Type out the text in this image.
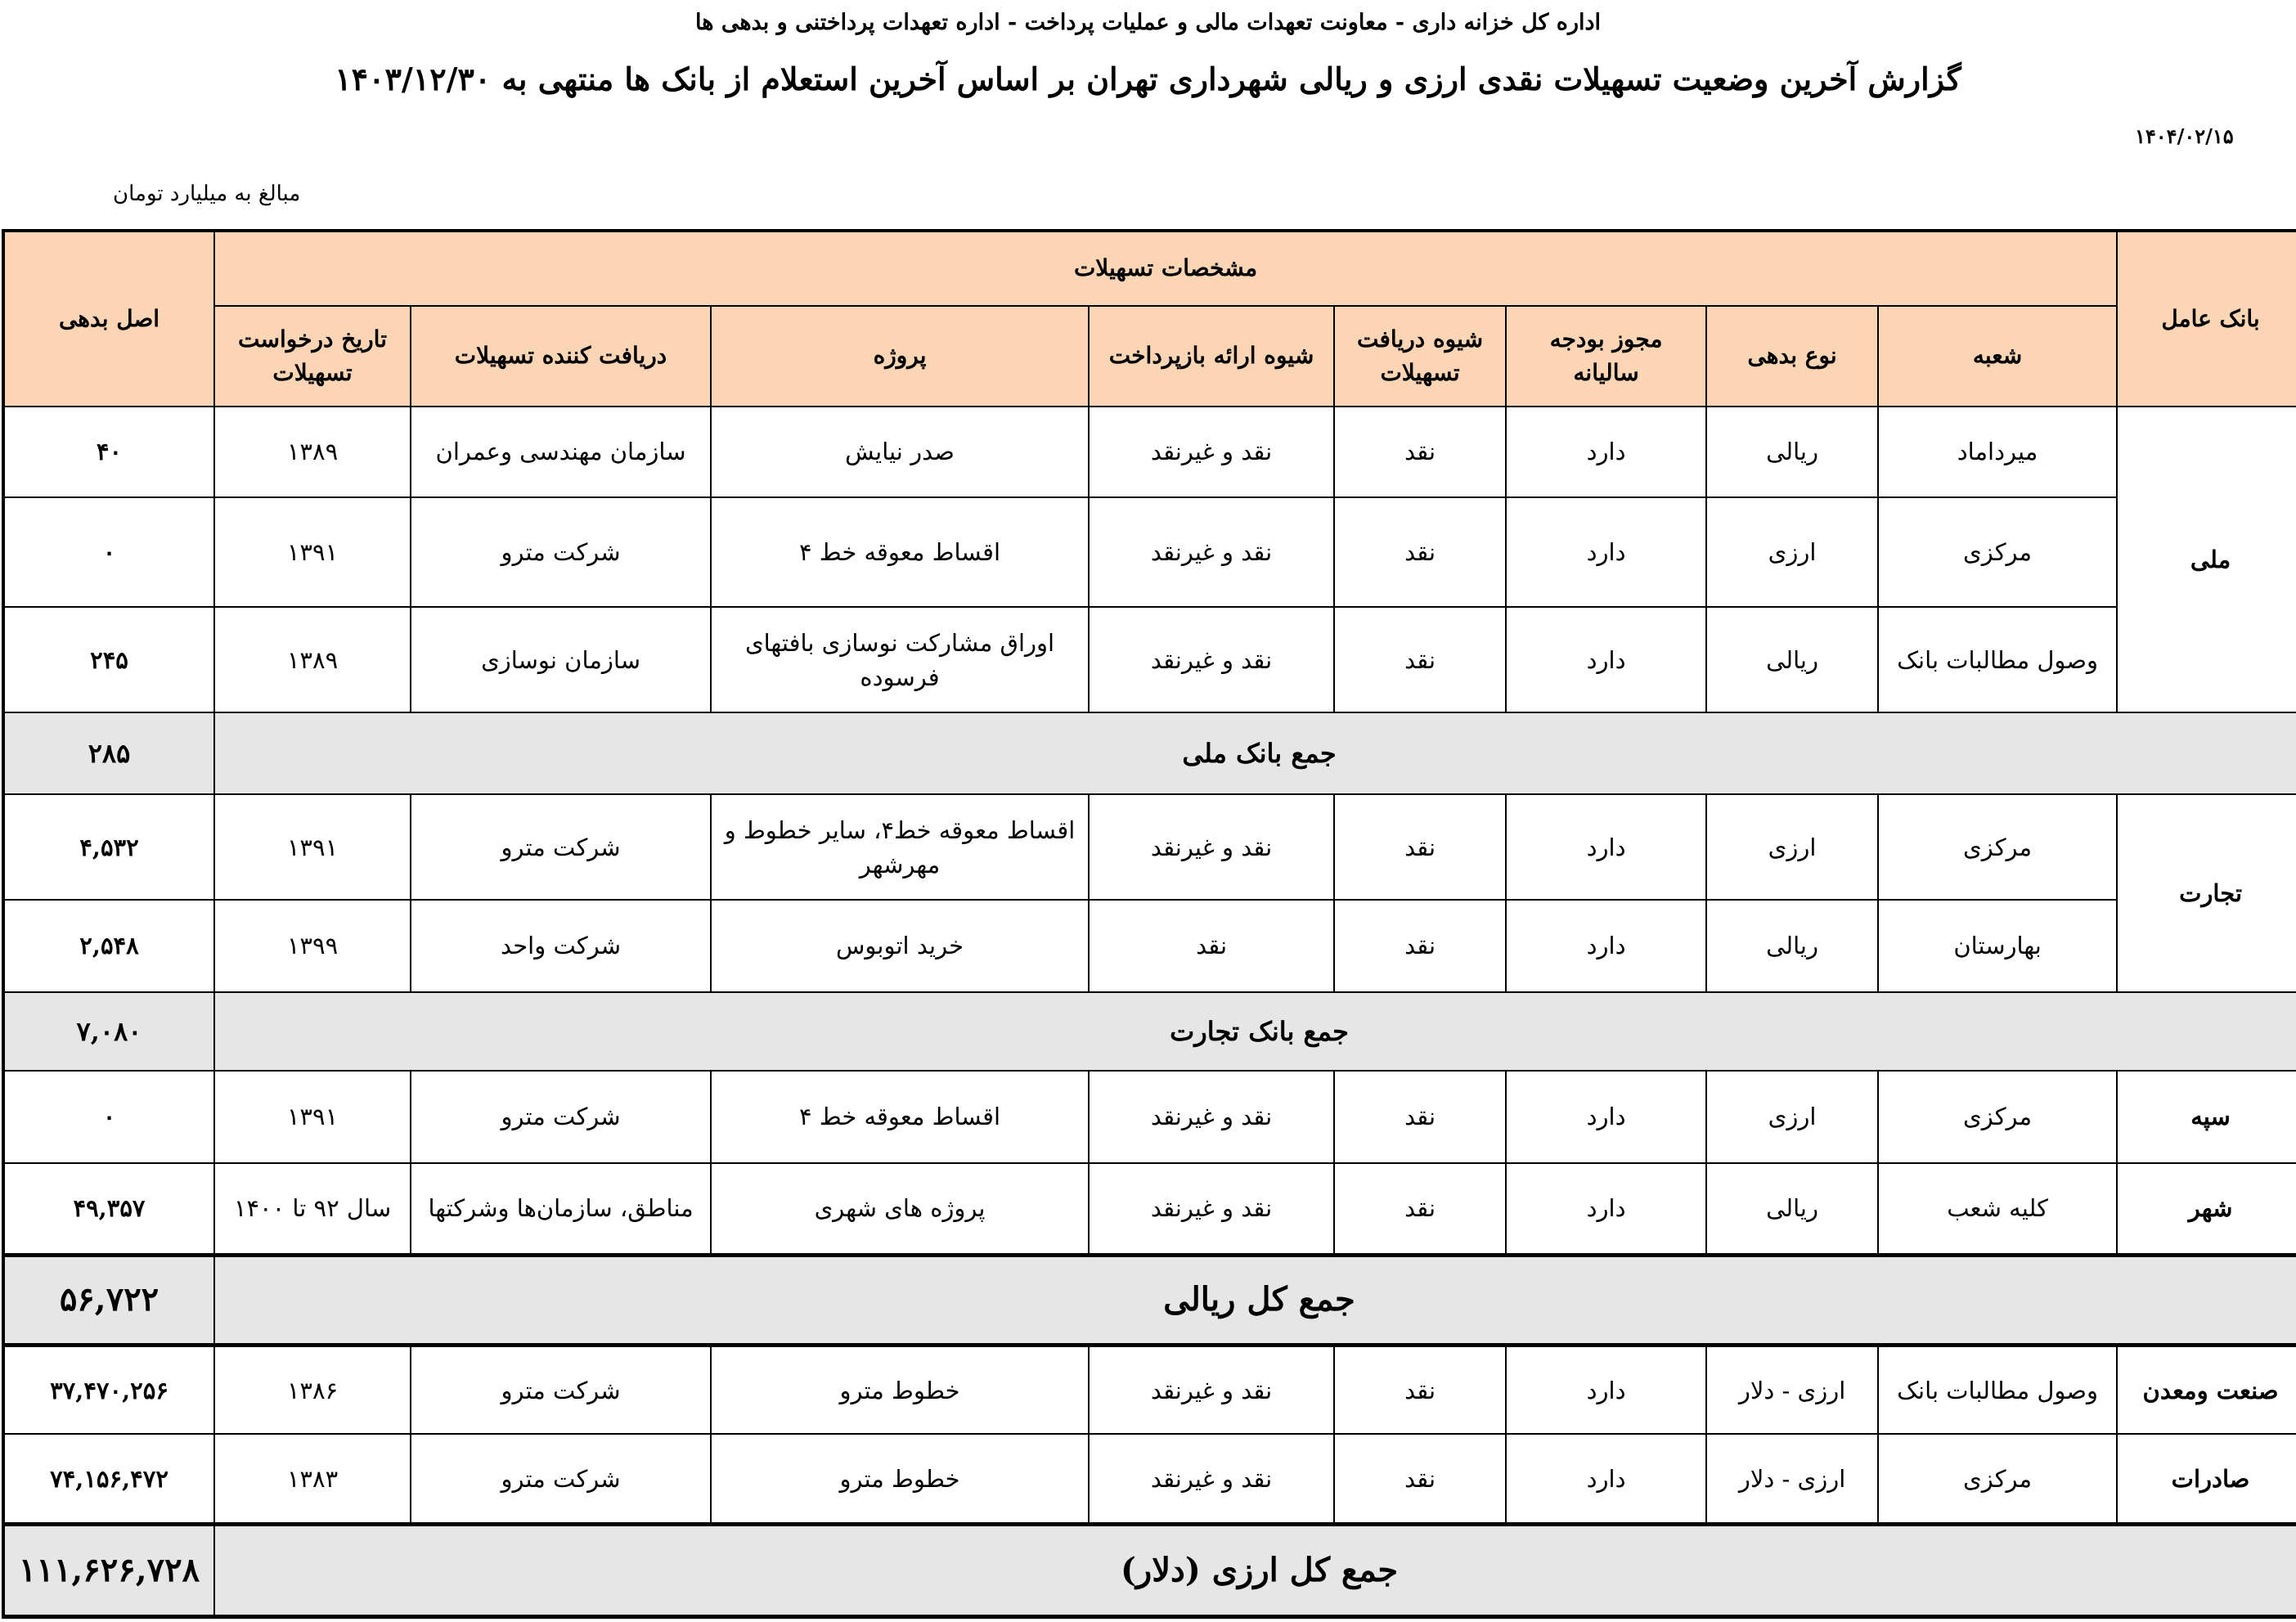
اداره کل خزانه داری - معاونت تعهدات مالی و عملیات پرداخت - اداره تعهدات پرداختنی و بدهی ها
گزارش آخرین وضعیت تسهیلات نقدی ارزی و ریالی شهرداری تهران بر اساس آخرین استعلام از بانک ها منتهی به ۱۴۰۳/۱۲/۳۰
۱۴۰۴/۰۲/۱۵
مبالغ به میلیارد تومان
بانک عامل	مشخصات تسهیلات								اصل بدهی
	شعبه	نوع بدهی	مجوز بودجه سالیانه	شیوه دریافت تسهیلات	شیوه ارائه بازپرداخت	پروژه	دریافت کننده تسهیلات	تاریخ درخواست تسهیلات	
ملی	میرداماد	ریالی	دارد	نقد	نقد و غیرنقد	صدر نیایش	سازمان مهندسی وعمران	۱۳۸۹	۴۰
	مرکزی	ارزی	دارد	نقد	نقد و غیرنقد	اقساط معوقه خط ۴	شرکت مترو	۱۳۹۱	۰
	وصول مطالبات بانک	ریالی	دارد	نقد	نقد و غیرنقد	اوراق مشارکت نوسازی بافتهای فرسوده	سازمان نوسازی	۱۳۸۹	۲۴۵
جمع بانک ملی									۲۸۵
تجارت	مرکزی	ارزی	دارد	نقد	نقد و غیرنقد	اقساط معوقه خط۴، سایر خطوط و مهرشهر	شرکت مترو	۱۳۹۱	۴,۵۳۲
	بهارستان	ریالی	دارد	نقد	نقد	خرید اتوبوس	شرکت واحد	۱۳۹۹	۲,۵۴۸
جمع بانک تجارت									۷,۰۸۰
سپه	مرکزی	ارزی	دارد	نقد	نقد و غیرنقد	اقساط معوقه خط ۴	شرکت مترو	۱۳۹۱	۰
شهر	کلیه شعب	ریالی	دارد	نقد	نقد و غیرنقد	پروژه های شهری	مناطق، سازمان‌ها وشرکتها	سال ۹۲ تا ۱۴۰۰	۴۹,۳۵۷
جمع کل ریالی									۵۶,۷۲۲
صنعت ومعدن	وصول مطالبات بانک	ارزی - دلار	دارد	نقد	نقد و غیرنقد	خطوط مترو	شرکت مترو	۱۳۸۶	۳۷,۴۷۰,۲۵۶
صادرات	مرکزی	ارزی - دلار	دارد	نقد	نقد و غیرنقد	خطوط مترو	شرکت مترو	۱۳۸۳	۷۴,۱۵۶,۴۷۲
جمع کل ارزی (دلار)									۱۱۱,۶۲۶,۷۲۸
